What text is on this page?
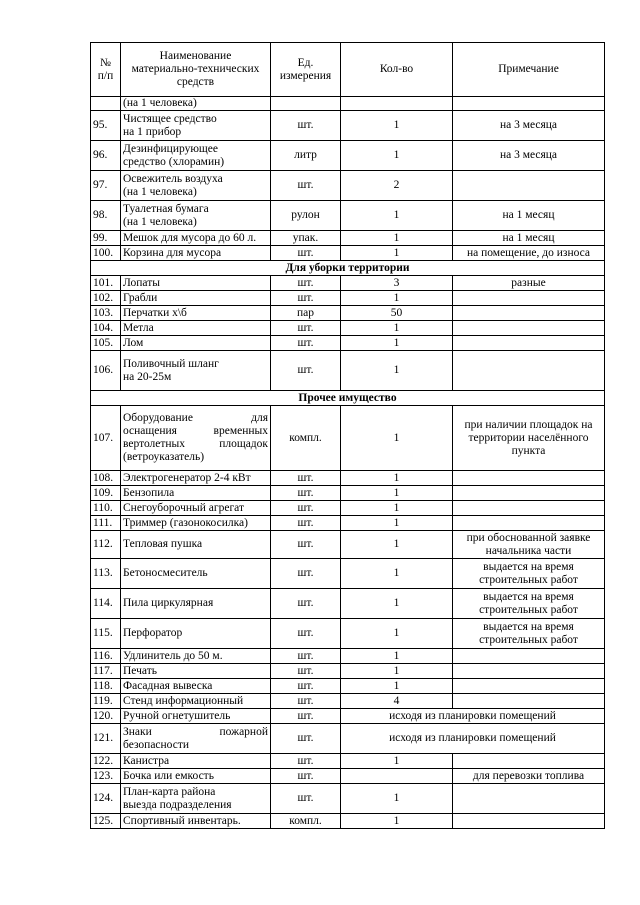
№
п/п	Наименование
материально-технических
средств	Ед.
измерения	Кол-во	Примечание
	(на 1 человека)			
95.	Чистящее средство
на 1 прибор	шт.	1	на 3 месяца
96.	Дезинфицирующее
средство (хлорамин)	литр	1	на 3 месяца
97.	Освежитель воздуха
(на 1 человека)	шт.	2	
98.	Туалетная бумага
(на 1 человека)	рулон	1	на 1 месяц
99.	Мешок для мусора до 60 л.	упак.	1	на 1 месяц
100.	Корзина для мусора	шт.	1	на помещение, до износа
Для уборки территории				
101.	Лопаты	шт.	3	разные
102.	Грабли	шт.	1	
103.	Перчатки х\б	пар	50	
104.	Метла	шт.	1	
105.	Лом	шт.	1	
106.	Поливочный шланг
на 20-25м	шт.	1	
Прочее имущество				
107.	Оборудование для оснащения временных вертолетных площадок (ветроуказатель)	компл.	1	при наличии площадок на территории населённого пункта
108.	Электрогенератор 2-4 кВт	шт.	1	
109.	Бензопила	шт.	1	
110.	Снегоуборочный агрегат	шт.	1	
111.	Триммер (газонокосилка)	шт.	1	
112.	Тепловая пушка	шт.	1	при обоснованной заявке начальника части
113.	Бетоносмеситель	шт.	1	выдается на время строительных работ
114.	Пила циркулярная	шт.	1	выдается на время строительных работ
115.	Перфоратор	шт.	1	выдается на время строительных работ
116.	Удлинитель до 50 м.	шт.	1	
117.	Печать	шт.	1	
118.	Фасадная вывеска	шт.	1	
119.	Стенд информационный	шт.	4	
120.	Ручной огнетушитель	шт.	исходя из планировки помещений	
121.	Знаки пожарной безопасности	шт.	исходя из планировки помещений	
122.	Канистра	шт.	1	
123.	Бочка или емкость	шт.		для перевозки топлива
124.	План-карта района
выезда подразделения	шт.	1	
125.	Спортивный инвентарь.	компл.	1	
